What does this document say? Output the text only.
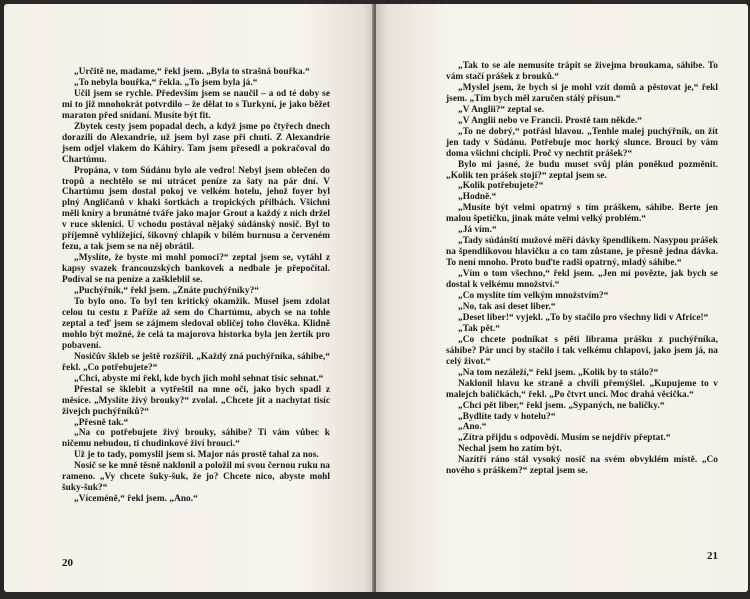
„Určitě ne, madame,“ řekl jsem. „Byla to strašná bouřka.“

„To nebyla bouřka,“ řekla. „To jsem byla já.“

Učil jsem se rychle. Především jsem se naučil – a od té doby se mi to již mnohokrát potvrdilo – že dělat to s Turkyní, je jako běžet maraton před snídaní. Musíte být fit.

Zbytek cesty jsem popadal dech, a když jsme po čtyřech dnech dorazili do Alexandrie, už jsem byl zase při chuti. Z Alexandrie jsem odjel vlakem do Káhiry. Tam jsem přesedl a pokračoval do Chartúmu.

Propána, v tom Súdánu bylo ale vedro! Nebyl jsem oblečen do tropů a nechtělo se mi utrácet peníze za šaty na pár dní. V Chartúmu jsem dostal pokoj ve velkém hotelu, jehož foyer byl plný Angličanů v khaki šortkách a tropických přilbách. Všichni měli kníry a brunátné tváře jako major Grout a každý z nich držel v ruce sklenici. U vchodu postával nějaký súdánský nosič. Byl to příjemně vyhlížející, šikovný chlapík v bílém burnusu a červeném fezu, a tak jsem se na něj obrátil.

„Myslíte, že byste mi mohl pomoci?“ zeptal jsem se, vytáhl z kapsy svazek francouzských bankovek a nedbale je přepočítal. Podíval se na peníze a zaškleblil se.

„Puchýřník,“ řekl jsem. „Znáte puchýřníky?“

To bylo ono. To byl ten kritický okamžik. Musel jsem zdolat celou tu cestu z Paříže až sem do Chartúmu, abych se na tohle zeptal a teď jsem se zájmem sledoval obličej toho člověka. Klidně mohlo být možné, že celá ta majorova historka byla jen žertík pro pobavení.

Nosičův škleb se ještě rozšířil. „Každý zná puchýřníka, sáhibe,“ řekl. „Co potřebujete?“

„Chci, abyste mi řekl, kde bych jich mohl sehnat tisíc sehnat.“

Přestal se šklebit a vytřeštil na mne oči, jako bych spadl z měsíce. „Myslíte živý brouky?“ zvolal. „Chcete jít a nachytat tisíc živejch puchýřníků?“

„Přesně tak.“

„Na co potřebujete živý brouky, sáhibe? Ti vám vůbec k ničemu nebudou, ti chudinkové živí brouci.“

Už je to tady, pomyslil jsem si. Major nás prostě tahal za nos.

Nosič se ke mně těsně naklonil a položil mi svou černou ruku na rameno. „Vy chcete šuky-šuk, že jo? Chcete nico, abyste mohl šuky-šuk?“

„Víceméně,“ řekl jsem. „Ano.“

20

„Tak to se ale nemusíte trápit se živejma broukama, sáhibe. To vám stačí prášek z brouků.“

„Myslel jsem, že bych si je mohl vzít domů a pěstovat je,“ řekl jsem. „Tím bych měl zaručen stálý přísun.“

„V Anglii?“ zeptal se.

„V Anglii nebo ve Francii. Prostě tam někde.“

„To ne dobrý,“ potřásl hlavou. „Tenhle malej puchýřník, on žít jen tady v Súdánu. Potřebuje moc horký slunce. Brouci by vám doma všichni chcípli. Proč vy nechtít prášek?“

Bylo mi jasné, že budu muset svůj plán poněkud pozměnit. „Kolik ten prášek stojí?“ zeptal jsem se.

„Kolik potřebujete?“

„Hodně.“

„Musíte být velmi opatrný s tím práškem, sáhibe. Berte jen malou špetičku, jinak máte velmi velký problém.“

„Já vím.“

„Tady súdánští mužové měří dávky špendlíkem. Nasypou prášek na špendlíkovou hlavičku a co tam zůstane, je přesně jedna dávka. To není mnoho. Proto buďte radši opatrný, mladý sáhibe.“

„Vím o tom všechno,“ řekl jsem. „Jen mi povězte, jak bych se dostal k velkému množství.“

„Co myslíte tím velkým množstvím?“

„No, tak asi deset liber.“

„Deset liber!“ vyjekl. „To by stačilo pro všechny lidi v Africe!“

„Tak pět.“

„Co chcete podnikat s pěti librama prášku z puchýřníka, sáhibe? Pár unci by stačilo i tak velkému chlapovi, jako jsem já, na celý život.“

„Na tom nezáleží,“ řekl jsem. „Kolik by to stálo?“

Naklonil hlavu ke straně a chvíli přemýšlel. „Kupujeme to v malejch balíčkách,“ řekl. „Po čtvrt unci. Moc drahá věcička.“

„Chci pět liber,“ řekl jsem. „Sypaných, ne balíčky.“

„Bydlíte tady v hotelu?“

„Ano.“

„Zítra přijdu s odpovědí. Musím se nejdřív přeptat.“

Nechal jsem ho zatím být.

Nazítří ráno stál vysoký nosič na svém obvyklém místě. „Co nového s práškem?“ zeptal jsem se.

21
